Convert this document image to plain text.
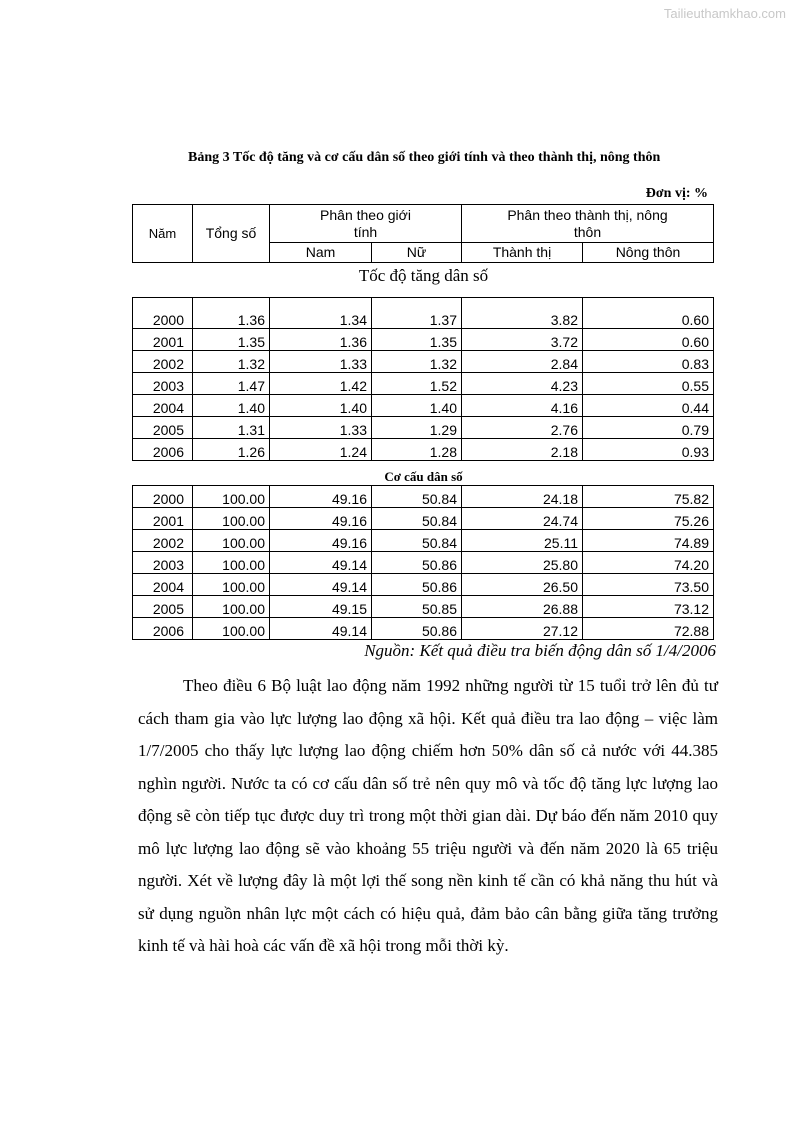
Tailieuthamkhao.com
Bảng 3 Tốc độ tăng và cơ cấu dân số theo giới tính và theo thành thị, nông thôn
Đơn vị: %
Năm	Tổng số	Phân theo giới tính		Phân theo thành thị, nông thôn	
		Nam	Nữ	Thành thị	Nông thôn
Tốc độ tăng dân số
2000	1.36	1.34	1.37	3.82	0.60
2001	1.35	1.36	1.35	3.72	0.60
2002	1.32	1.33	1.32	2.84	0.83
2003	1.47	1.42	1.52	4.23	0.55
2004	1.40	1.40	1.40	4.16	0.44
2005	1.31	1.33	1.29	2.76	0.79
2006	1.26	1.24	1.28	2.18	0.93
Cơ cấu dân số
2000	100.00	49.16	50.84	24.18	75.82
2001	100.00	49.16	50.84	24.74	75.26
2002	100.00	49.16	50.84	25.11	74.89
2003	100.00	49.14	50.86	25.80	74.20
2004	100.00	49.14	50.86	26.50	73.50
2005	100.00	49.15	50.85	26.88	73.12
2006	100.00	49.14	50.86	27.12	72.88
Nguồn: Kết quả điều tra biến động dân số 1/4/2006
Theo điều 6 Bộ luật lao động năm 1992 những người từ 15 tuổi trở lên đủ tư cách tham gia vào lực lượng lao động xã hội. Kết quả điều tra lao động – việc làm 1/7/2005 cho thấy lực lượng lao động chiếm hơn 50% dân số cả nước với 44.385 nghìn người. Nước ta có cơ cấu dân số trẻ nên quy mô và tốc độ tăng lực lượng lao động sẽ còn tiếp tục được duy trì trong một thời gian dài. Dự báo đến năm 2010 quy mô lực lượng lao động sẽ vào khoảng 55 triệu người và đến năm 2020 là 65 triệu người. Xét về lượng đây là một lợi thế song nền kinh tế cần có khả năng thu hút và sử dụng nguồn nhân lực một cách có hiệu quả, đảm bảo cân bằng giữa tăng trưởng kinh tế và hài hoà các vấn đề xã hội trong mỗi thời kỳ.
